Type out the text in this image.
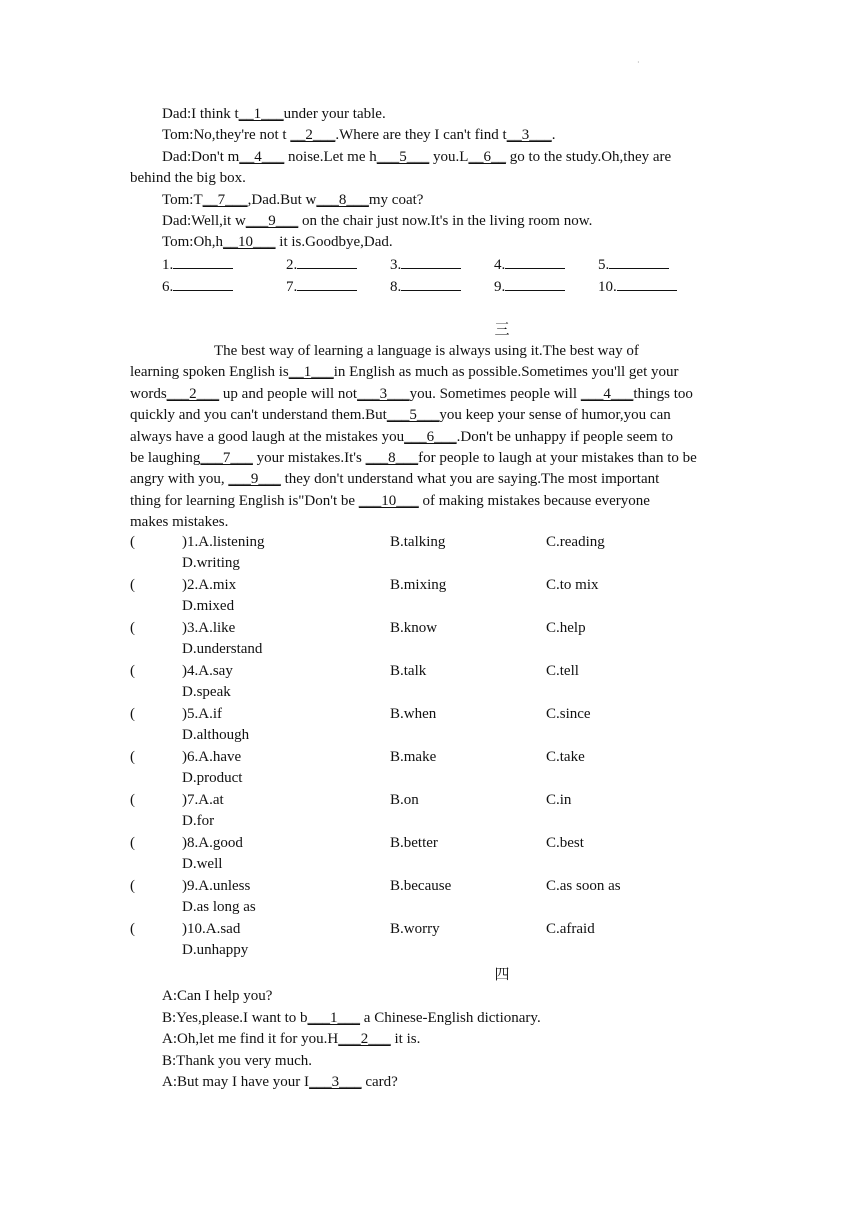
·
Dad:I think t__1___under your table.
Tom:No,they're not t __2___.Where are they I can't find t__3___.
Dad:Don't m__4___ noise.Let me h___5___ you.L__6__ go to the study.Oh,they are
behind the big box.
Tom:T__7___,Dad.But w___8___my coat?
Dad:Well,it w___9___ on the chair just now.It's in the living room now.
Tom:Oh,h__10___ it is.Goodbye,Dad.
1.	2.	3.	4.	5.
6.	7.	8.	9.	10.
三
The best way of learning a language is always using it.The best way of
learning spoken English is__1___in English as much as possible.Sometimes you'll get your
words___2___ up and people will not___3___you. Sometimes people will ___4___things too
quickly and you can't understand them.But___5___you keep your sense of humor,you can
always have a good laugh at the mistakes you___6___.Don't be unhappy if people seem to
be laughing___7___ your mistakes.It's ___8___for people to laugh at your mistakes than to be
angry with you, ___9___ they don't understand what you are saying.The most important
thing for learning English is"Don't be ___10___ of making mistakes because everyone
makes mistakes.
(	)1.A.listening	B.talking	C.reading
D.writing
(	)2.A.mix	B.mixing	C.to mix
D.mixed
(	)3.A.like	B.know	C.help
D.understand
(	)4.A.say	B.talk	C.tell
D.speak
(	)5.A.if	B.when	C.since
D.although
(	)6.A.have	B.make	C.take
D.product
(	)7.A.at	B.on	C.in
D.for
(	)8.A.good	B.better	C.best
D.well
(	)9.A.unless	B.because	C.as soon as
D.as long as
(	)10.A.sad	B.worry	C.afraid
D.unhappy
四
A:Can I help you?
B:Yes,please.I want to b___1___ a Chinese-English dictionary.
A:Oh,let me find it for you.H___2___ it is.
B:Thank you very much.
A:But may I have your I___3___ card?
